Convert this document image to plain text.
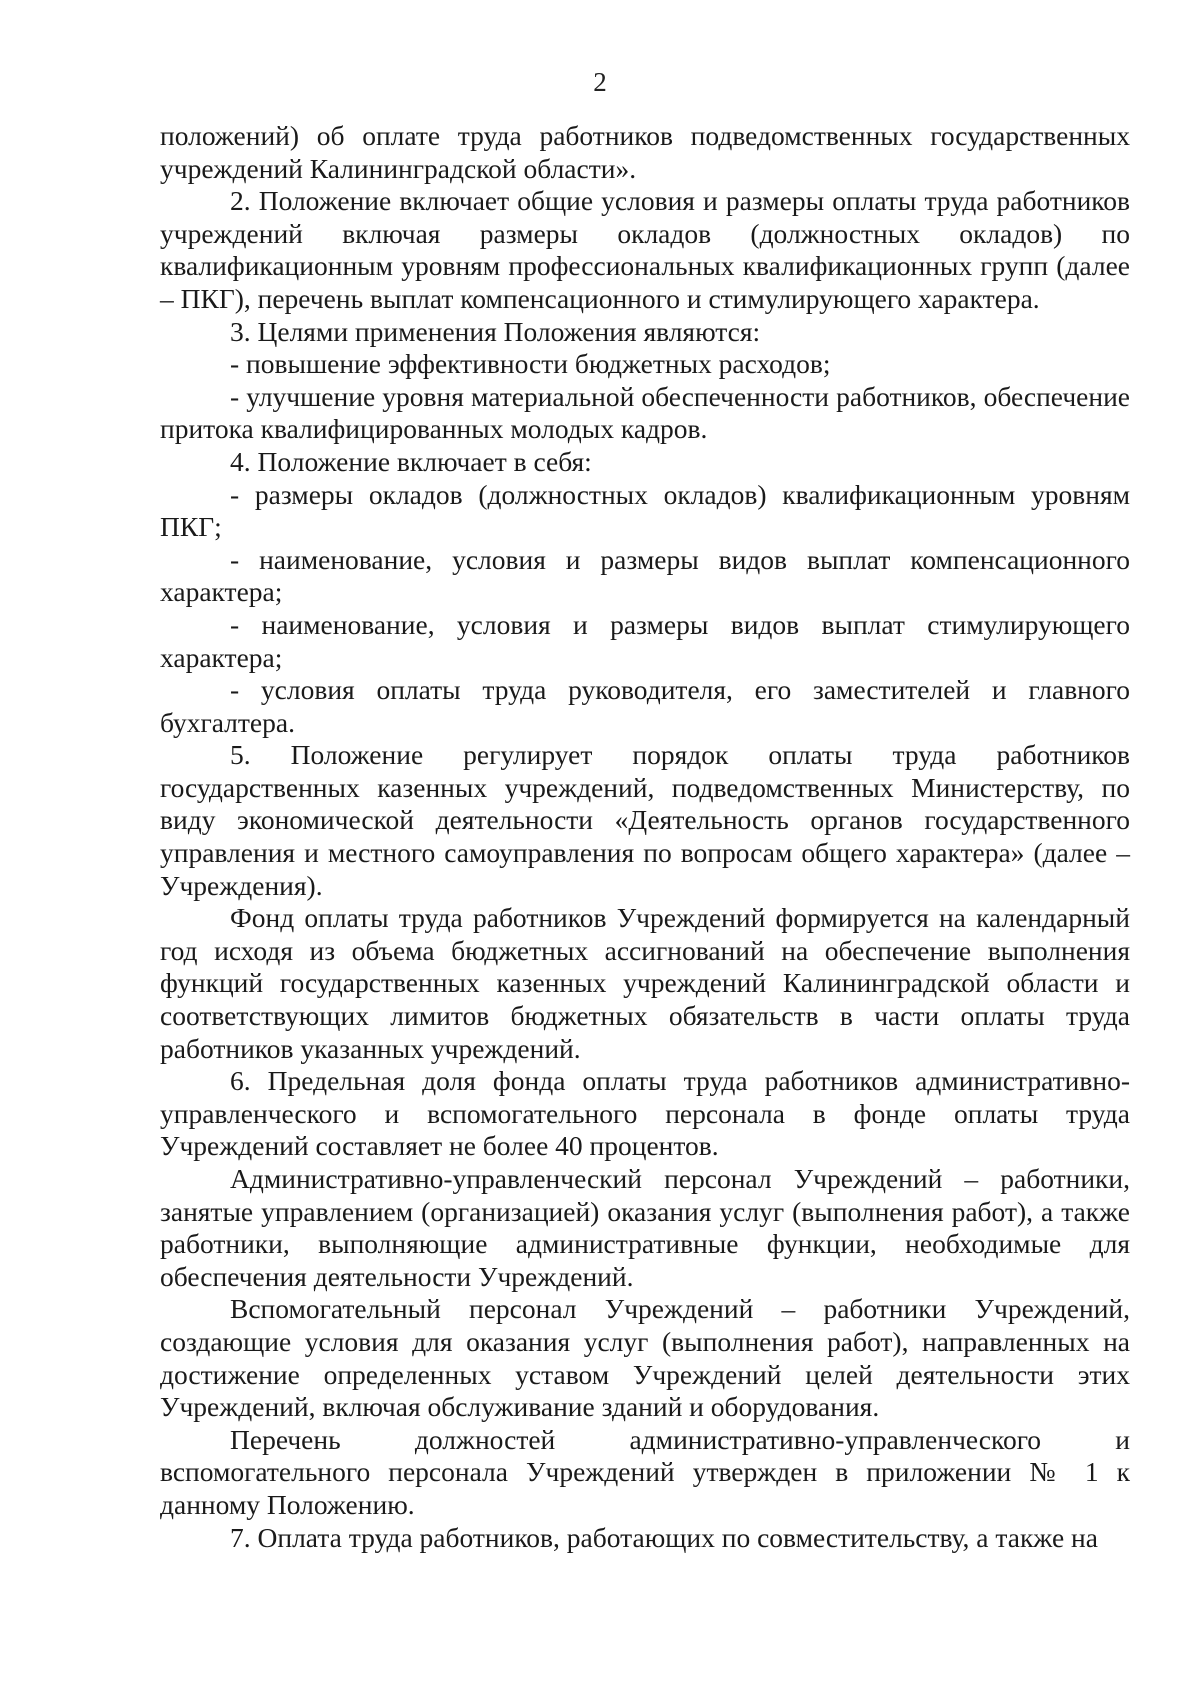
2

положений) об оплате труда работников подведомственных государственных учреждений Калининградской области».

2. Положение включает общие условия и размеры оплаты труда работников учреждений включая размеры окладов (должностных окладов) по квалификационным уровням профессиональных квалификационных групп (далее – ПКГ), перечень выплат компенсационного и стимулирующего характера.

3. Целями применения Положения являются:

- повышение эффективности бюджетных расходов;

- улучшение уровня материальной обеспеченности работников, обеспечение притока квалифицированных молодых кадров.

4. Положение включает в себя:

- размеры окладов (должностных окладов) квалификационным уровням ПКГ;

- наименование, условия и размеры видов выплат компенсационного характера;

- наименование, условия и размеры видов выплат стимулирующего характера;

- условия оплаты труда руководителя, его заместителей и главного бухгалтера.

5. Положение регулирует порядок оплаты труда работников государственных казенных учреждений, подведомственных Министерству, по виду экономической деятельности «Деятельность органов государственного управления и местного самоуправления по вопросам общего характера» (далее – Учреждения).

Фонд оплаты труда работников Учреждений формируется на календарный год исходя из объема бюджетных ассигнований на обеспечение выполнения функций государственных казенных учреждений Калининградской области и соответствующих лимитов бюджетных обязательств в части оплаты труда работников указанных учреждений.

6. Предельная доля фонда оплаты труда работников административно-управленческого и вспомогательного персонала в фонде оплаты труда Учреждений составляет не более 40 процентов.

Административно-управленческий персонал Учреждений – работники, занятые управлением (организацией) оказания услуг (выполнения работ), а также работники, выполняющие административные функции, необходимые для обеспечения деятельности Учреждений.

Вспомогательный персонал Учреждений – работники Учреждений, создающие условия для оказания услуг (выполнения работ), направленных на достижение определенных уставом Учреждений целей деятельности этих Учреждений, включая обслуживание зданий и оборудования.

Перечень должностей административно-управленческого и вспомогательного персонала Учреждений утвержден в приложении № 1 к данному Положению.

7. Оплата труда работников, работающих по совместительству, а также на
